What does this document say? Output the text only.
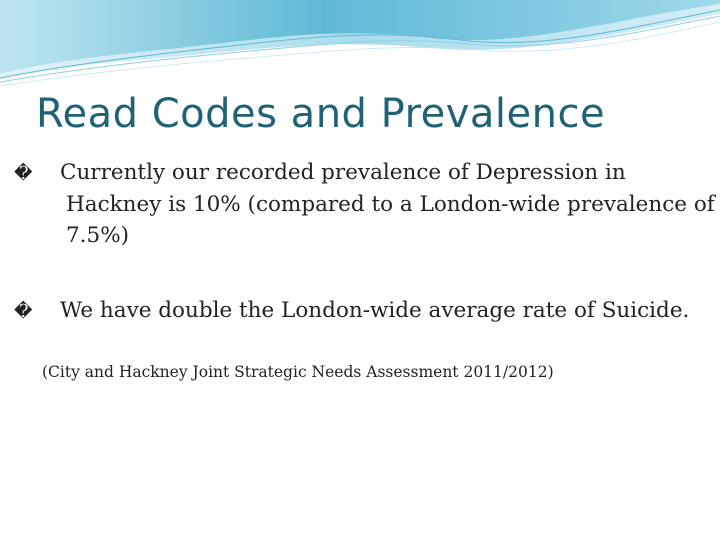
Read Codes and Prevalence
� Currently our recorded prevalence of Depression in Hackney is 10% (compared to a London-wide prevalence of 7.5%)
� We have double the London-wide average rate of Suicide.
(City and Hackney Joint Strategic Needs Assessment 2011/2012)
